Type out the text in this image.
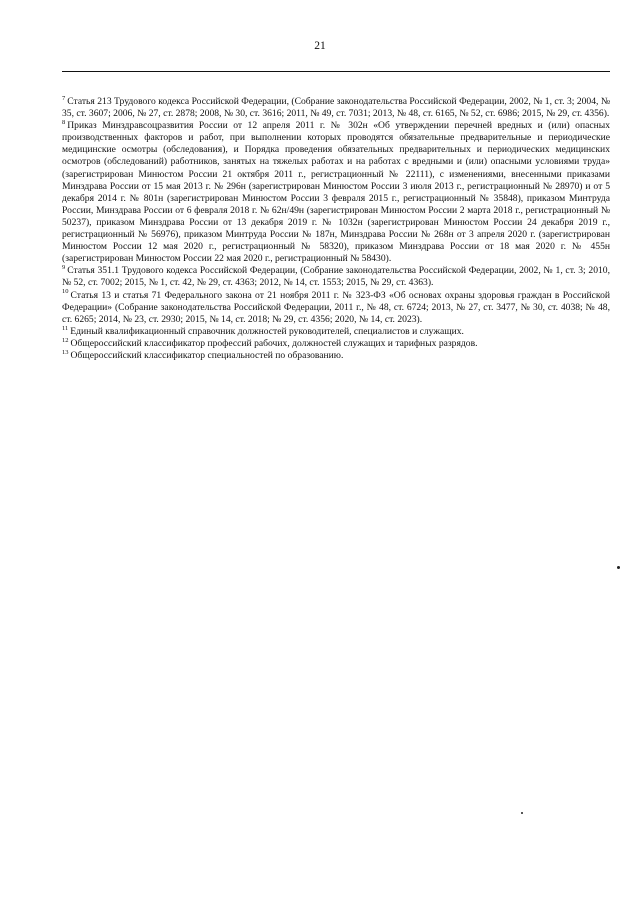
21

$^7$ Статья 213 Трудового кодекса Российской Федерации, (Собрание законодательства Российской Федерации, 2002, № 1, ст. 3; 2004, № 35, ст. 3607; 2006, № 27, ст. 2878; 2008, № 30, ст. 3616; 2011, № 49, ст. 7031; 2013, № 48, ст. 6165, № 52, ст. 6986; 2015, № 29, ст. 4356).

$^8$ Приказ Минздравсоцразвития России от 12 апреля 2011 г. № 302н «Об утверждении перечней вредных и (или) опасных производственных факторов и работ, при выполнении которых проводятся обязательные предварительные и периодические медицинские осмотры (обследования), и Порядка проведения обязательных предварительных и периодических медицинских осмотров (обследований) работников, занятых на тяжелых работах и на работах с вредными и (или) опасными условиями труда» (зарегистрирован Минюстом России 21 октября 2011 г., регистрационный № 22111), с изменениями, внесенными приказами Минздрава России от 15 мая 2013 г. № 296н (зарегистрирован Минюстом России 3 июля 2013 г., регистрационный № 28970) и от 5 декабря 2014 г. № 801н (зарегистрирован Минюстом России 3 февраля 2015 г., регистрационный № 35848), приказом Минтруда России, Минздрава России от 6 февраля 2018 г. № 62н/49н (зарегистрирован Минюстом России 2 марта 2018 г., регистрационный № 50237), приказом Минздрава России от 13 декабря 2019 г. № 1032н (зарегистрирован Минюстом России 24 декабря 2019 г., регистрационный № 56976), приказом Минтруда России № 187н, Минздрава России № 268н от 3 апреля 2020 г. (зарегистрирован Минюстом России 12 мая 2020 г., регистрационный № 58320), приказом Минздрава России от 18 мая 2020 г. № 455н (зарегистрирован Минюстом России 22 мая 2020 г., регистрационный № 58430).

$^9$ Статья 351.1 Трудового кодекса Российской Федерации, (Собрание законодательства Российской Федерации, 2002, № 1, ст. 3; 2010, № 52, ст. 7002; 2015, № 1, ст. 42, № 29, ст. 4363; 2012, № 14, ст. 1553; 2015, № 29, ст. 4363).

$^{10}$ Статья 13 и статья 71 Федерального закона от 21 ноября 2011 г. № 323-ФЗ «Об основах охраны здоровья граждан в Российской Федерации» (Собрание законодательства Российской Федерации, 2011 г., № 48, ст. 6724; 2013, № 27, ст. 3477, № 30, ст. 4038; № 48, ст. 6265; 2014, № 23, ст. 2930; 2015, № 14, ст. 2018; № 29, ст. 4356; 2020, № 14, ст. 2023).

$^{11}$ Единый квалификационный справочник должностей руководителей, специалистов и служащих.

$^{12}$ Общероссийский классификатор профессий рабочих, должностей служащих и тарифных разрядов.

$^{13}$ Общероссийский классификатор специальностей по образованию.
